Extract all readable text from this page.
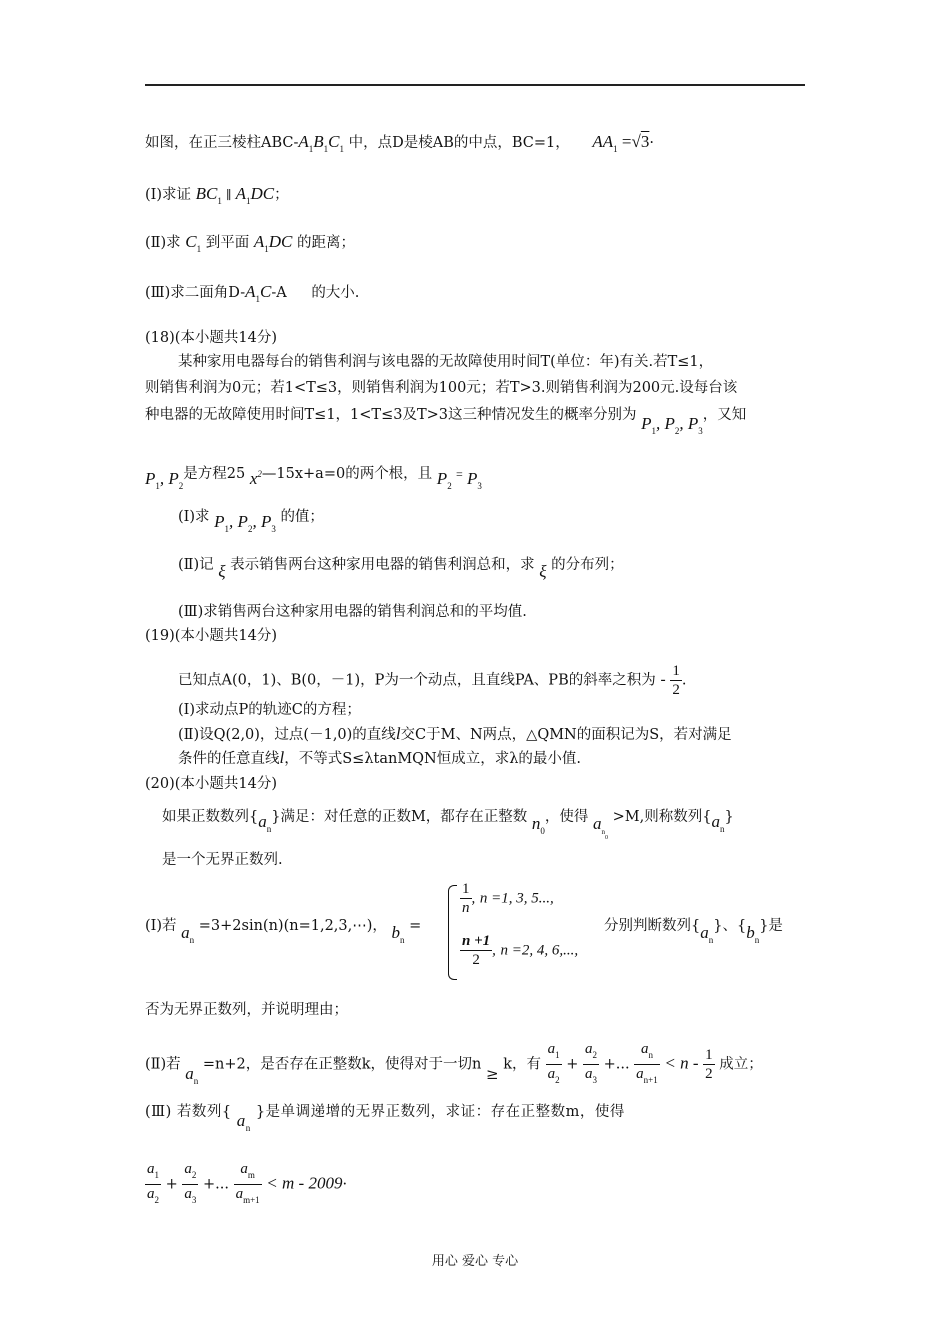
如图，在正三棱柱ABC-$A_1B_1C_1$ 中，点D是棱AB的中点，BC=1， $AA_1 =√3\cdot$
(Ⅰ)求证 $BC_1$ ∥ $A_1DC$；
(Ⅱ)求 $C_1$ 到平面 $A_1DC$ 的距离；
(Ⅲ)求二面角$D-A_1C-A$ 的大小.
(18)(本小题共14分)
某种家用电器每台的销售利润与该电器的无故障使用时间T(单位：年)有关.若T≤1，
则销售利润为0元；若1<T≤3，则销售利润为100元；若T>3.则销售利润为200元.设每台该
种电器的无故障使用时间T≤1，1<T≤3及T>3这三种情况发生的概率分别为 $P_1$, $P_2$, $P_3$，又知
$P_1$, $P_2$是方程25 $x^2—15x+a=0$的两个根，且 $P_2$ = $P_3$
(Ⅰ)求 $P_1$, $P_2$, $P_3$ 的值；
(Ⅱ)记 ξ 表示销售两台这种家用电器的销售利润总和，求 ξ 的分布列；
(Ⅲ)求销售两台这种家用电器的销售利润总和的平均值.
(19)(本小题共14分)
已知点A(0，1)、B(0，－1)，P为一个动点，且直线PA、PB的斜率之积为 - $\frac{1}{2}$ .
(Ⅰ)求动点P的轨迹C的方程；
(Ⅱ)设Q(2,0)，过点(－1,0)的直线l交C于M、N两点，△QMN的面积记为S，若对满足
条件的任意直线l，不等式S≤λtanMQN恒成立，求λ的最小值.
(20)(本小题共14分)
如果正数数列$\{a_n\}$满足：对任意的正数M，都存在正整数 $n_0$，使得 $a_{n_0} >M$,则称数列$\{a_n\}$
是一个无界正数列.
(Ⅰ)若 $a_n$ =3+2sin(n)(n=1,2,3,⋯)， $b_n$ =
$\frac{1}{n}$ , n =1, 3, 5...,
$\frac{n +1}{2}$ , n =2, 4, 6,...,
分别判断数列$\{a_n\}$、$\{b_n\}$是
否为无界正数列，并说明理由；
(Ⅱ)若 $a_n =n+2$，是否存在正整数k，使得对于一切n ≥ k，有 $\frac{a_1}{a_2} + \frac{a_2}{a_3}$ +... $\frac{a_n}{a_{n+1}} < n - \frac{1}{2}$ 成立；
(Ⅲ) 若数列{ $a_n$ }是单调递增的无界正数列，求证：存在正整数m，使得
$\frac{a_1}{a_2} + \frac{a_2}{a_3}$ +... $\frac{a_m}{a_{m+1}} < m - 2009\cdot$
用心 爱心 专心
